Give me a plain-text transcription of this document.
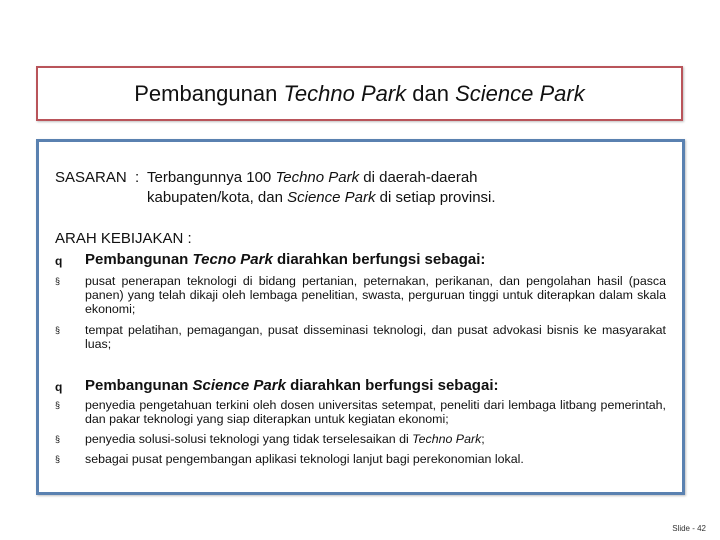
Pembangunan Techno Park dan Science Park
SASARAN :Terbangunnya 100 Techno Park di daerah-daerah
kabupaten/kota, dan Science Park di setiap provinsi.
ARAH KEBIJAKAN :
q	Pembangunan Tecno Park diarahkan berfungsi sebagai:
§	pusat penerapan teknologi di bidang pertanian, peternakan, perikanan, dan pengolahan hasil (pasca panen) yang telah dikaji oleh lembaga penelitian, swasta, perguruan tinggi untuk diterapkan dalam skala ekonomi;
§	tempat pelatihan, pemagangan, pusat disseminasi teknologi, dan pusat advokasi bisnis ke masyarakat luas;
q	Pembangunan Science Park diarahkan berfungsi sebagai:
§	penyedia pengetahuan terkini oleh dosen universitas setempat, peneliti dari lembaga litbang pemerintah, dan pakar teknologi yang siap diterapkan untuk kegiatan ekonomi;
§	penyedia solusi-solusi teknologi yang tidak terselesaikan di Techno Park;
§	sebagai pusat pengembangan aplikasi teknologi lanjut bagi perekonomian lokal.
Slide - 42
